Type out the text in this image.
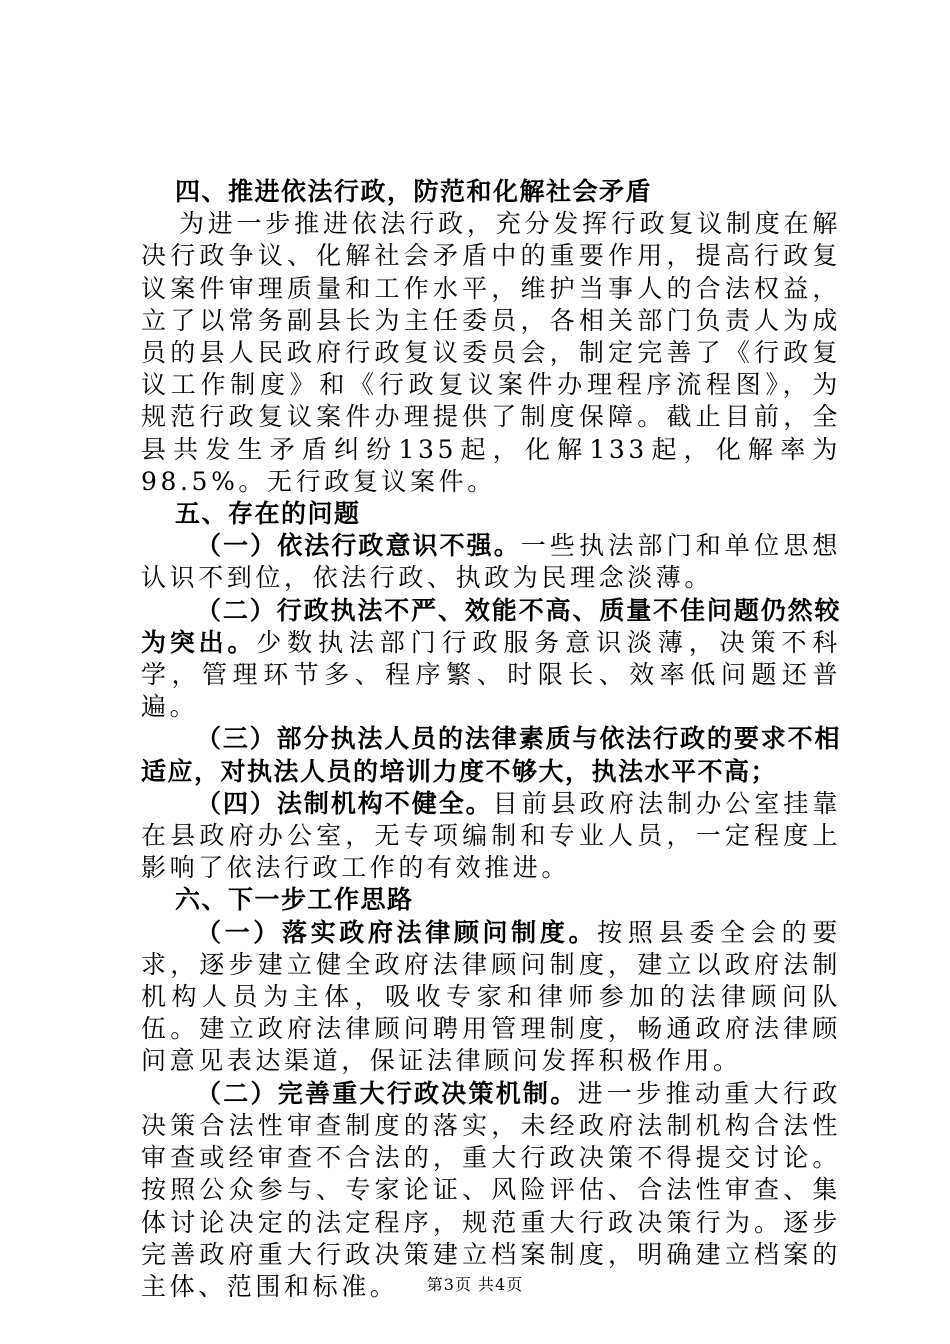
四、推进依法行政，防范和化解社会矛盾

为进一步推进依法行政，充分发挥行政复议制度在解决行政争议、化解社会矛盾中的重要作用，提高行政复议案件审理质量和工作水平，维护当事人的合法权益，立了以常务副县长为主任委员，各相关部门负责人为成员的县人民政府行政复议委员会，制定完善了《行政复议工作制度》和《行政复议案件办理程序流程图》，为规范行政复议案件办理提供了制度保障。截止目前，全县共发生矛盾纠纷135起，化解133起，化解率为98.5%。无行政复议案件。

五、存在的问题

（一）依法行政意识不强。一些执法部门和单位思想认识不到位，依法行政、执政为民理念淡薄。

（二）行政执法不严、效能不高、质量不佳问题仍然较为突出。少数执法部门行政服务意识淡薄，决策不科学，管理环节多、程序繁、时限长、效率低问题还普遍。

（三）部分执法人员的法律素质与依法行政的要求不相适应，对执法人员的培训力度不够大，执法水平不高；

（四）法制机构不健全。目前县政府法制办公室挂靠在县政府办公室，无专项编制和专业人员，一定程度上影响了依法行政工作的有效推进。

六、下一步工作思路

（一）落实政府法律顾问制度。按照县委全会的要求，逐步建立健全政府法律顾问制度，建立以政府法制机构人员为主体，吸收专家和律师参加的法律顾问队伍。建立政府法律顾问聘用管理制度，畅通政府法律顾问意见表达渠道，保证法律顾问发挥积极作用。

（二）完善重大行政决策机制。进一步推动重大行政决策合法性审查制度的落实，未经政府法制机构合法性审查或经审查不合法的，重大行政决策不得提交讨论。按照公众参与、专家论证、风险评估、合法性审查、集体讨论决定的法定程序，规范重大行政决策行为。逐步完善政府重大行政决策建立档案制度，明确建立档案的主体、范围和标准。	第3页 共4页
